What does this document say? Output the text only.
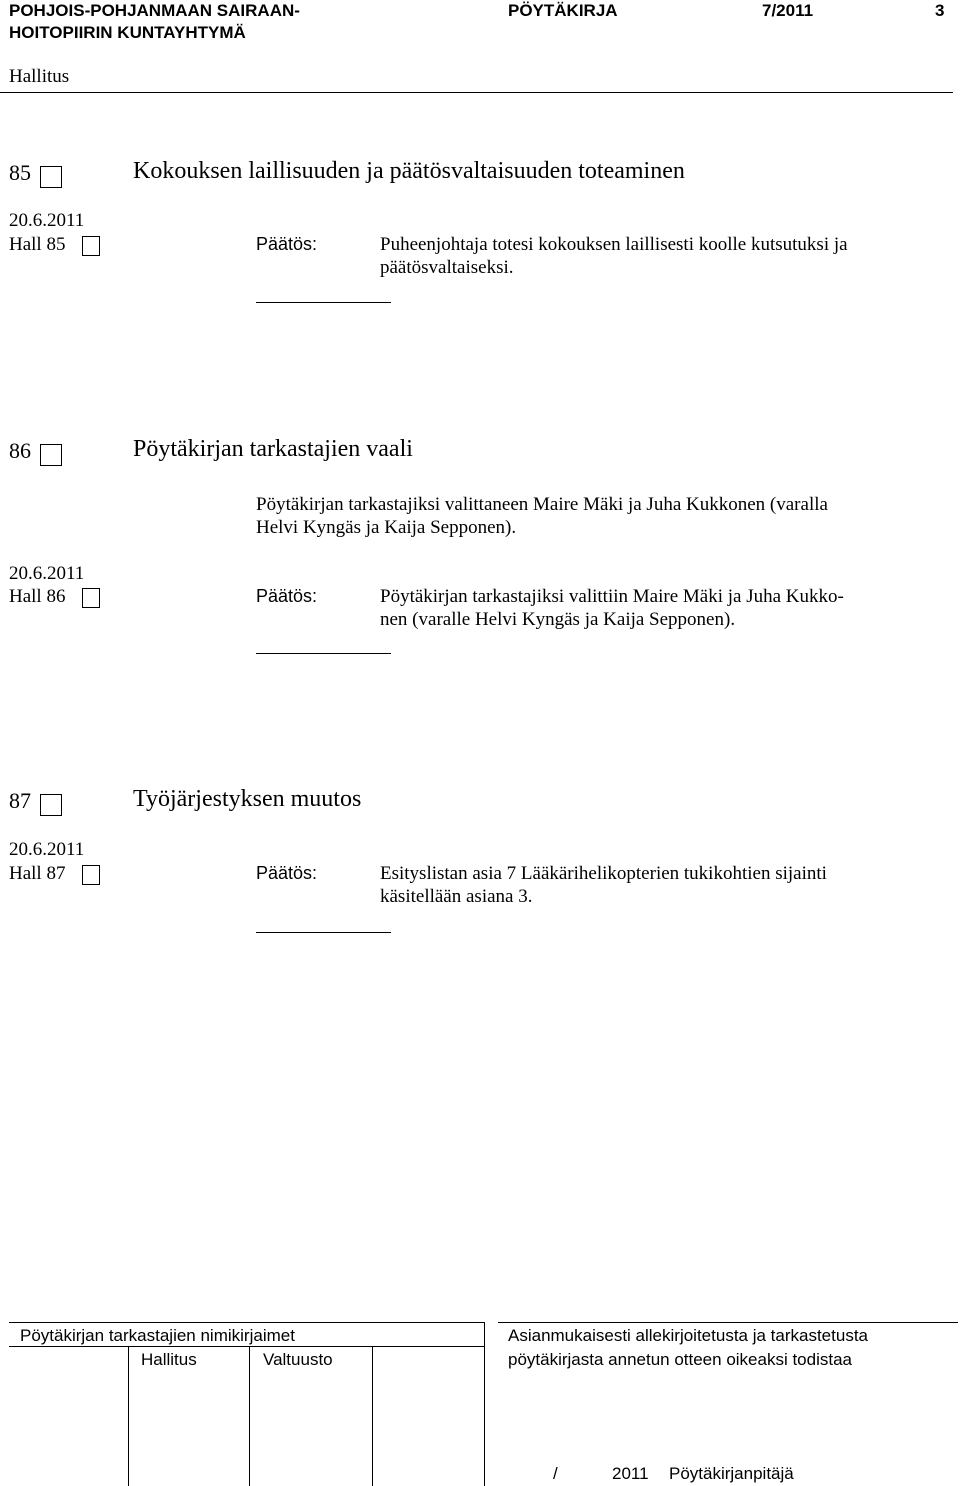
POHJOIS-POHJANMAAN SAIRAAN-
HOITOPIIRIN KUNTAYHTYMÄ
PÖYTÄKIRJA	7/2011	3
Hallitus
85	Kokouksen laillisuuden ja päätösvaltaisuuden toteaminen
20.6.2011
Hall 85	Päätös:	Puheenjohtaja totesi kokouksen laillisesti koolle kutsutuksi ja
päätösvaltaiseksi.
86	Pöytäkirjan tarkastajien vaali
Pöytäkirjan tarkastajiksi valittaneen Maire Mäki ja Juha Kukkonen (varalla
Helvi Kyngäs ja Kaija Sepponen).
20.6.2011
Hall 86	Päätös:	Pöytäkirjan tarkastajiksi valittiin Maire Mäki ja Juha Kukko-
nen (varalle Helvi Kyngäs ja Kaija Sepponen).
87	Työjärjestyksen muutos
20.6.2011
Hall 87	Päätös:	Esityslistan asia 7 Lääkärihelikopterien tukikohtien sijainti
käsitellään asiana 3.
Pöytäkirjan tarkastajien nimikirjaimet
Hallitus	Valtuusto
Asianmukaisesti allekirjoitetusta ja tarkastetusta
pöytäkirjasta annetun otteen oikeaksi todistaa
/	2011 Pöytäkirjanpitäjä
